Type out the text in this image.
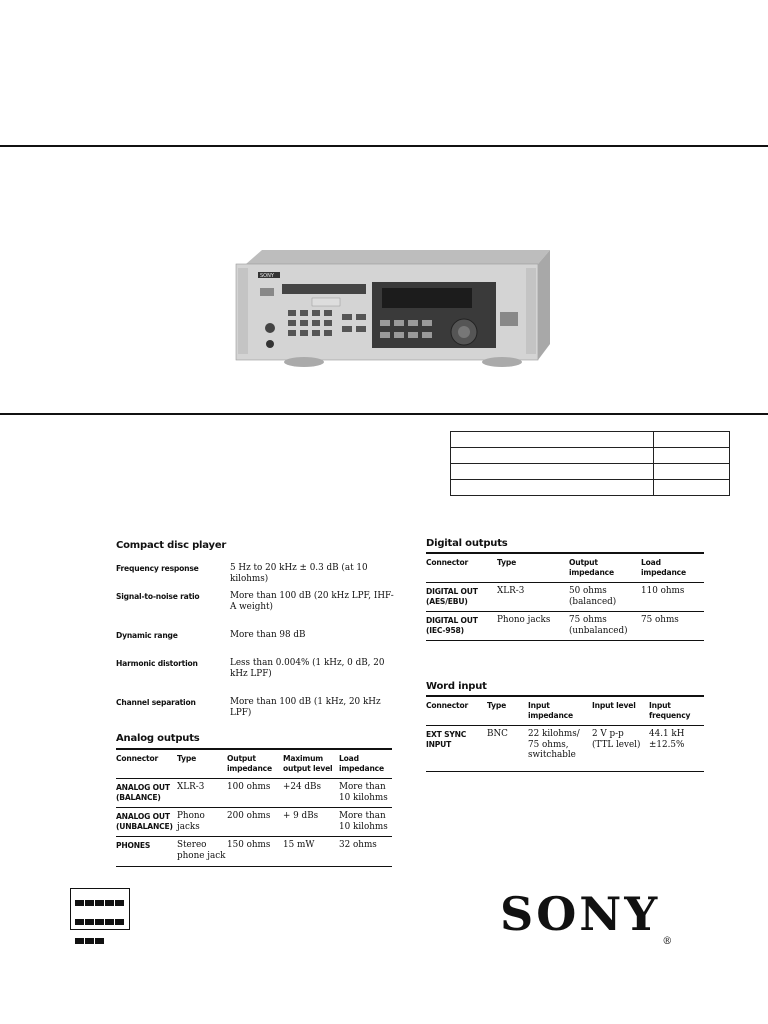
SONY

Compact disc player
Frequency response	5 Hz to 20 kHz ± 0.3 dB (at 10 kilohms)
Signal-to-noise ratio	More than 100 dB (20 kHz LPF, IHF-A weight)
Dynamic range	More than 98 dB
Harmonic distortion	Less than 0.004% (1 kHz, 0 dB, 20 kHz LPF)
Channel separation	More than 100 dB (1 kHz, 20 kHz LPF)
Analog outputs
Connector	Type	Output impedance	Maximum output level	Load impedance
ANALOG OUT (BALANCE)	XLR-3	100 ohms	+24 dBs	More than 10 kilohms
ANALOG OUT (UNBALANCE)	Phono jacks	200 ohms	+ 9 dBs	More than 10 kilohms
PHONES	Stereo phone jack	150 ohms	15 mW	32 ohms
Digital outputs
Connector	Type	Output impedance	Load impedance
DIGITAL OUT (AES/EBU)	XLR-3	50 ohms (balanced)	110 ohms
DIGITAL OUT (IEC-958)	Phono jacks	75 ohms (unbalanced)	75 ohms
Word input
Connector	Type	Input impedance	Input level	Input frequency
EXT SYNC INPUT	BNC	22 kilohms/ 75 ohms, switchable	2 V p-p (TTL level)	44.1 kH ±12.5%

SONY®
